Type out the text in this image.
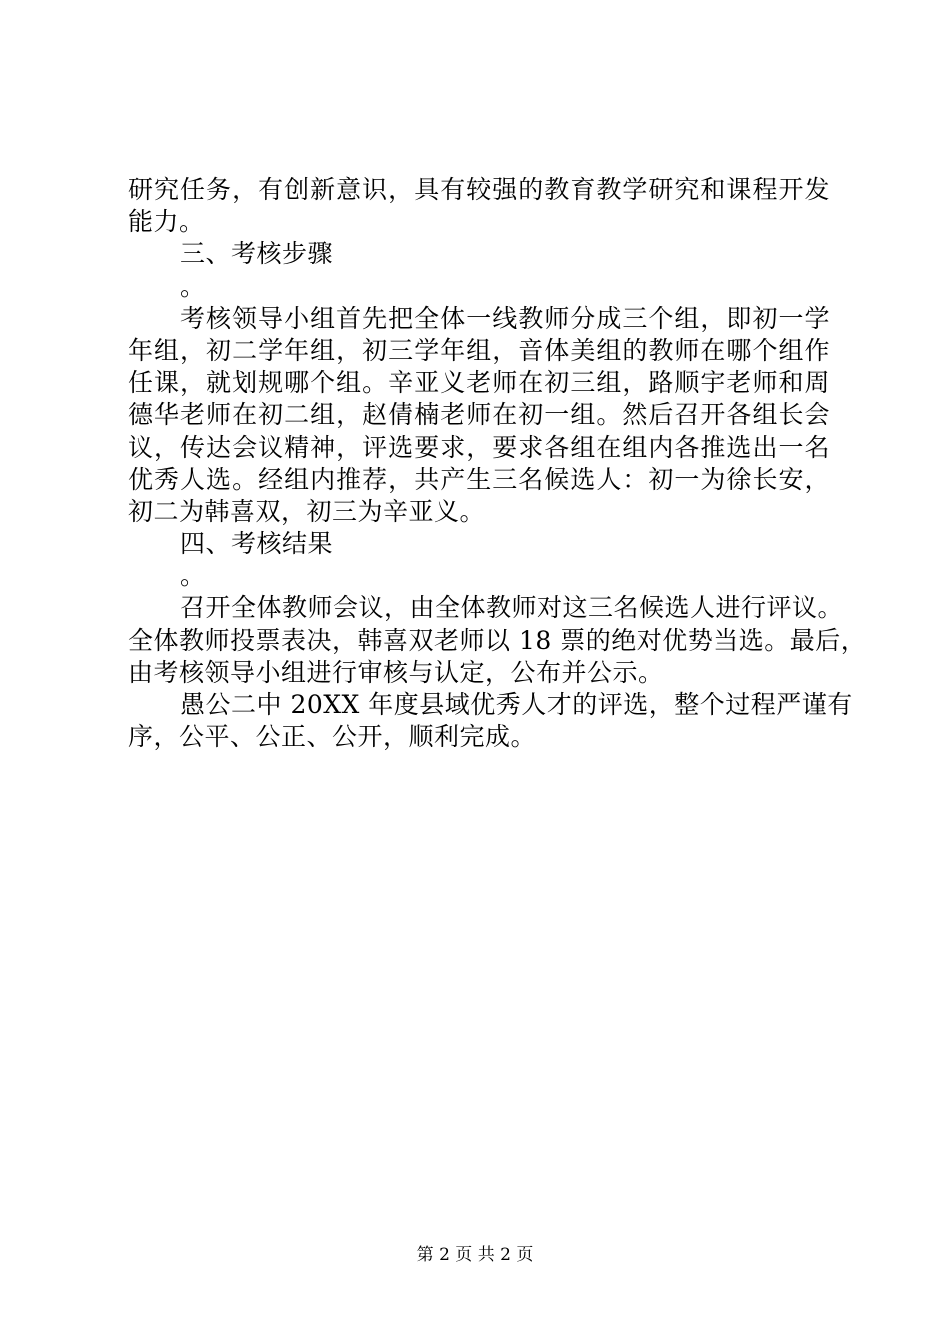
研究任务，有创新意识，具有较强的教育教学研究和课程开发
能力。
三、考核步骤
。
考核领导小组首先把全体一线教师分成三个组，即初一学
年组，初二学年组，初三学年组，音体美组的教师在哪个组作
任课，就划规哪个组。辛亚义老师在初三组，路顺宇老师和周
德华老师在初二组，赵倩楠老师在初一组。然后召开各组长会
议，传达会议精神，评选要求，要求各组在组内各推选出一名
优秀人选。经组内推荐，共产生三名候选人：初一为徐长安，
初二为韩喜双，初三为辛亚义。
四、考核结果
。
召开全体教师会议，由全体教师对这三名候选人进行评议。
全体教师投票表决，韩喜双老师以 18 票的绝对优势当选。最后，
由考核领导小组进行审核与认定，公布并公示。
愚公二中 20XX 年度县域优秀人才的评选，整个过程严谨有
序，公平、公正、公开，顺利完成。
第 2 页 共 2 页
